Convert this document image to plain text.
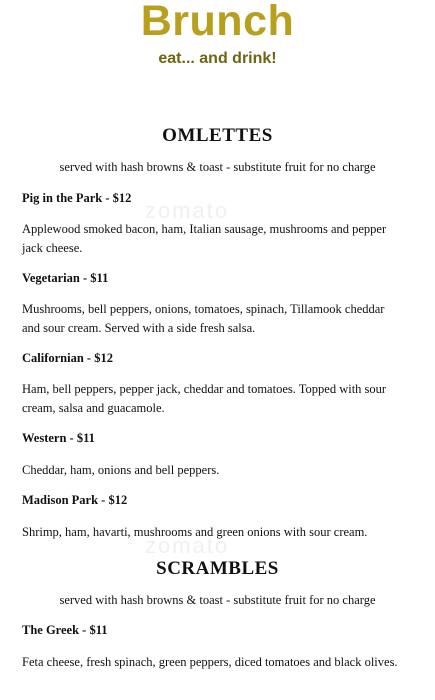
Brunch
eat... and drink!
zomato
zomato
OMLETTES
served with hash browns & toast - substitute fruit for no charge
Pig in the Park - $12
Applewood smoked bacon, ham, Italian sausage, mushrooms and pepper jack cheese.
Vegetarian - $11
Mushrooms, bell peppers, onions, tomatoes, spinach, Tillamook cheddar and sour cream. Served with a side fresh salsa.
Californian - $12
Ham, bell peppers, pepper jack, cheddar and tomatoes. Topped with sour cream, salsa and guacamole.
Western - $11
Cheddar, ham, onions and bell peppers.
Madison Park - $12
Shrimp, ham, havarti, mushrooms and green onions with sour cream.
SCRAMBLES
served with hash browns & toast - substitute fruit for no charge
The Greek - $11
Feta cheese, fresh spinach, green peppers, diced tomatoes and black olives.
